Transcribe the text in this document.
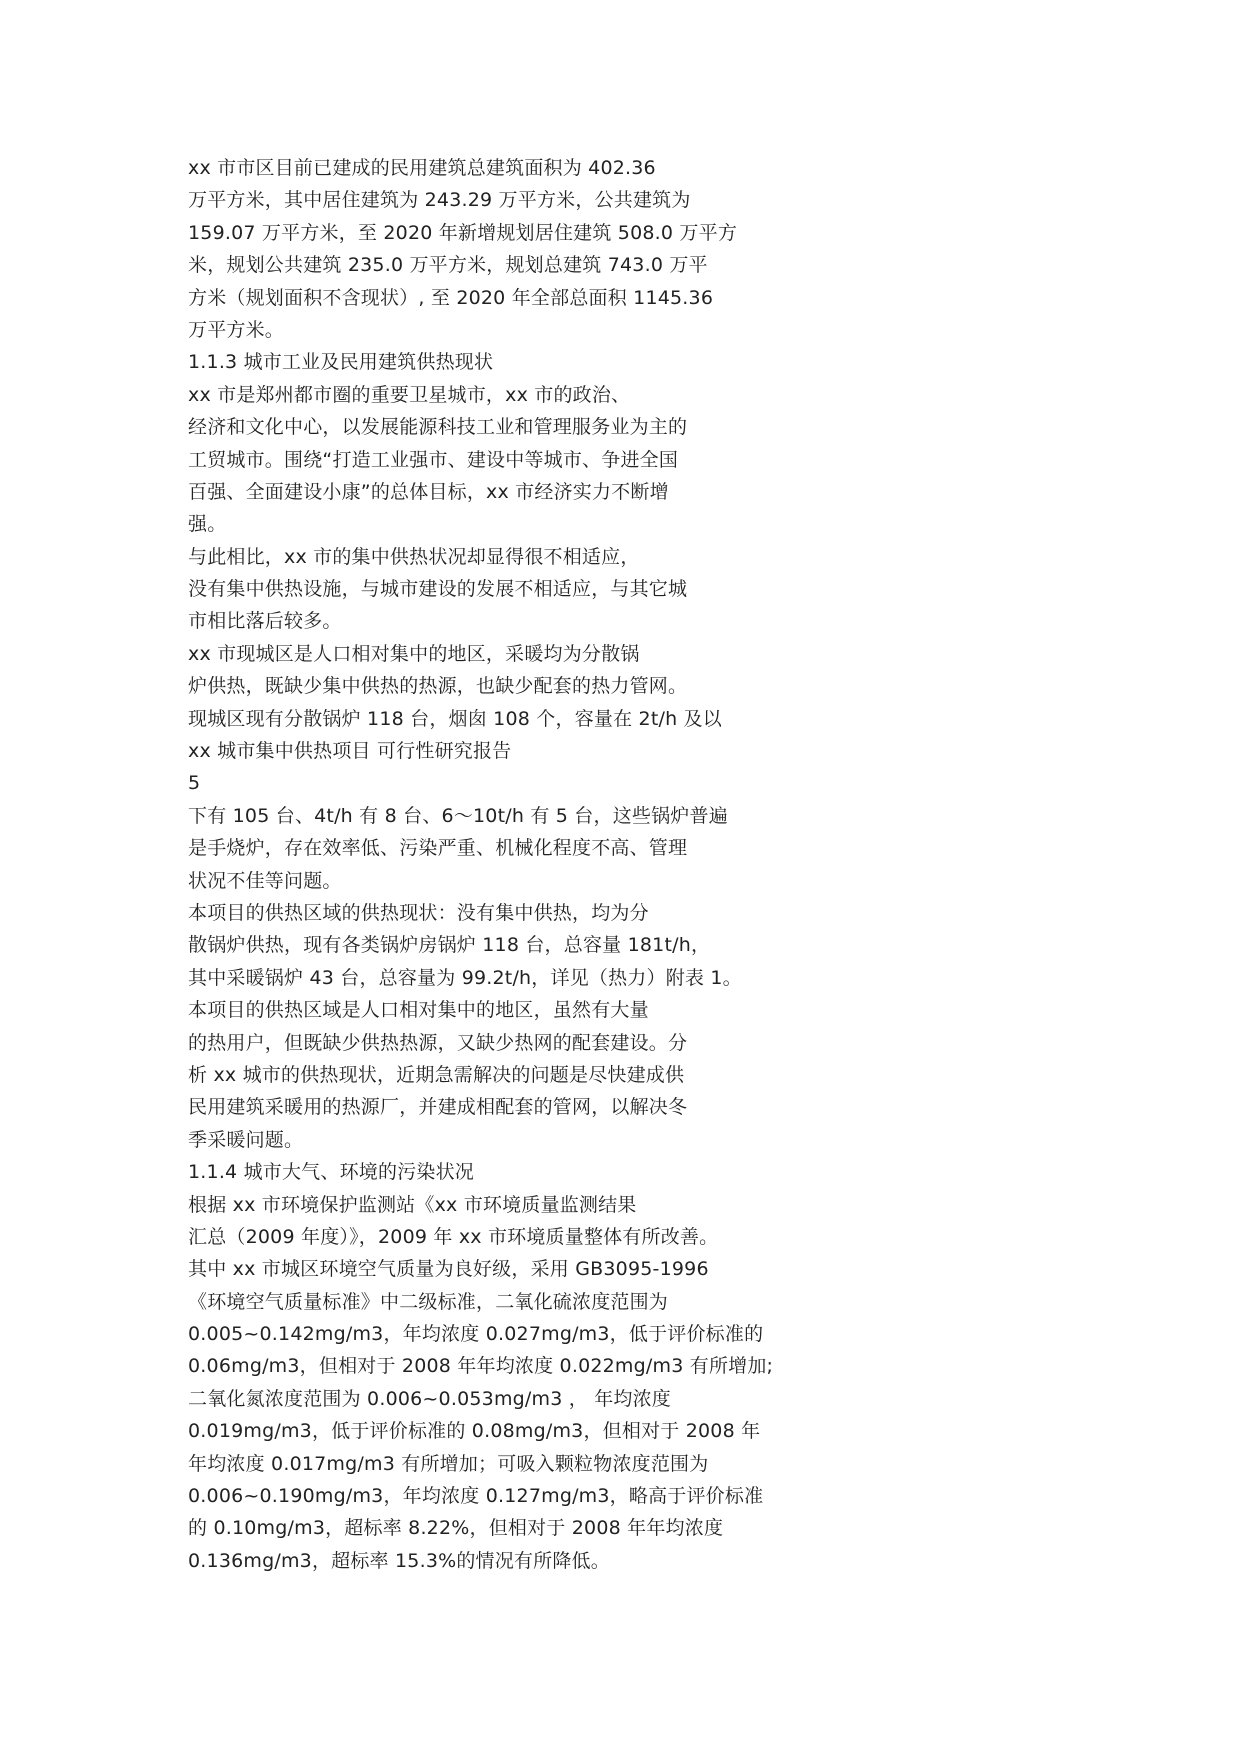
xx 市市区目前已建成的民用建筑总建筑面积为 402.36
万平方米，其中居住建筑为 243.29 万平方米，公共建筑为
159.07 万平方米，至 2020 年新增规划居住建筑 508.0 万平方
米，规划公共建筑 235.0 万平方米，规划总建筑 743.0 万平
方米（规划面积不含现状）, 至 2020 年全部总面积 1145.36
万平方米。
1.1.3 城市工业及民用建筑供热现状
xx 市是郑州都市圈的重要卫星城市，xx 市的政治、
经济和文化中心，以发展能源科技工业和管理服务业为主的
工贸城市。围绕“打造工业强市、建设中等城市、争进全国
百强、全面建设小康”的总体目标，xx 市经济实力不断增
强。
与此相比，xx 市的集中供热状况却显得很不相适应，
没有集中供热设施，与城市建设的发展不相适应，与其它城
市相比落后较多。
xx 市现城区是人口相对集中的地区，采暖均为分散锅
炉供热，既缺少集中供热的热源，也缺少配套的热力管网。
现城区现有分散锅炉 118 台，烟囱 108 个，容量在 2t/h 及以
xx 城市集中供热项目 可行性研究报告
5
下有 105 台、4t/h 有 8 台、6～10t/h 有 5 台，这些锅炉普遍
是手烧炉，存在效率低、污染严重、机械化程度不高、管理
状况不佳等问题。
本项目的供热区域的供热现状：没有集中供热，均为分
散锅炉供热，现有各类锅炉房锅炉 118 台，总容量 181t/h，
其中采暖锅炉 43 台，总容量为 99.2t/h，详见（热力）附表 1。
本项目的供热区域是人口相对集中的地区，虽然有大量
的热用户，但既缺少供热热源，又缺少热网的配套建设。分
析 xx 城市的供热现状，近期急需解决的问题是尽快建成供
民用建筑采暖用的热源厂，并建成相配套的管网，以解决冬
季采暖问题。
1.1.4 城市大气、环境的污染状况
根据 xx 市环境保护监测站《xx 市环境质量监测结果
汇总（2009 年度）》，2009 年 xx 市环境质量整体有所改善。
其中 xx 市城区环境空气质量为良好级，采用 GB3095-1996
《环境空气质量标准》中二级标准，二氧化硫浓度范围为
0.005~0.142mg/m3，年均浓度 0.027mg/m3，低于评价标准的
0.06mg/m3，但相对于 2008 年年均浓度 0.022mg/m3 有所增加;
二氧化氮浓度范围为 0.006~0.053mg/m3 ， 年均浓度
0.019mg/m3，低于评价标准的 0.08mg/m3，但相对于 2008 年
年均浓度 0.017mg/m3 有所增加；可吸入颗粒物浓度范围为
0.006~0.190mg/m3，年均浓度 0.127mg/m3，略高于评价标准
的 0.10mg/m3，超标率 8.22%，但相对于 2008 年年均浓度
0.136mg/m3，超标率 15.3%的情况有所降低。
